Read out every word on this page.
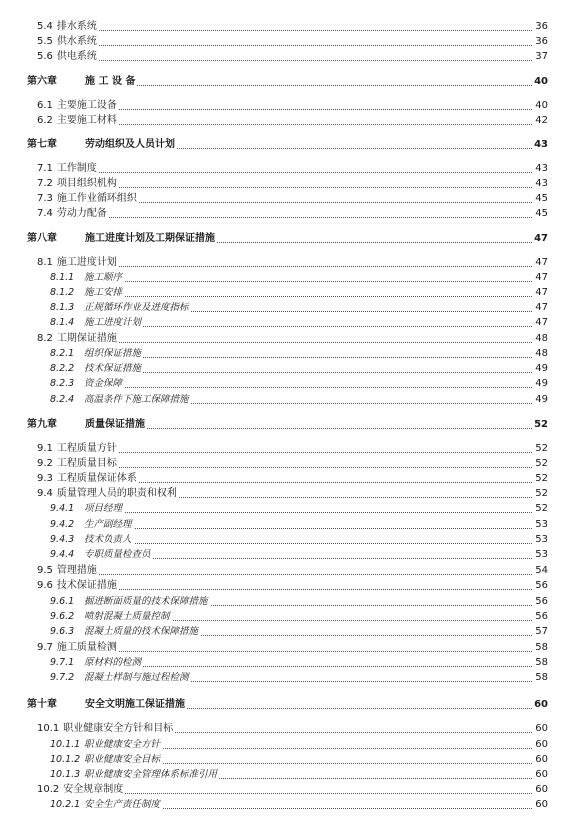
5.4 排水系统	36
5.5 供水系统	36
5.6 供电系统	37
第六章	施 工 设 备	40
6.1 主要施工设备	40
6.2 主要施工材料	42
第七章	劳动组织及人员计划	43
7.1 工作制度	43
7.2 项目组织机构	43
7.3 施工作业循环组织	45
7.4 劳动力配备	45
第八章	施工进度计划及工期保证措施	47
8.1 施工进度计划	47
8.1.1 施工顺序	47
8.1.2 施工安排	47
8.1.3 正规循环作业及进度指标	47
8.1.4 施工进度计划	47
8.2 工期保证措施	48
8.2.1 组织保证措施	48
8.2.2 技术保证措施	49
8.2.3 资金保障	49
8.2.4 高温条件下施工保障措施	49
第九章	质量保证措施	52
9.1 工程质量方针	52
9.2 工程质量目标	52
9.3 工程质量保证体系	52
9.4 质量管理人员的职责和权利	52
9.4.1 项目经理	52
9.4.2 生产副经理	53
9.4.3 技术负责人	53
9.4.4 专职质量检查员	53
9.5 管理措施	54
9.6 技术保证措施	56
9.6.1 掘进断面质量的技术保障措施	56
9.6.2 喷射混凝土质量控制	56
9.6.3 混凝土质量的技术保障措施	57
9.7 施工质量检测	58
9.7.1 原材料的检测	58
9.7.2 混凝土样制与施过程检测	58
第十章	安全文明施工保证措施	60
10.1 职业健康安全方针和目标	60
10.1.1 职业健康安全方针	60
10.1.2 职业健康安全目标	60
10.1.3 职业健康安全管理体系标准引用	60
10.2 安全规章制度	60
10.2.1 安全生产责任制度	60
